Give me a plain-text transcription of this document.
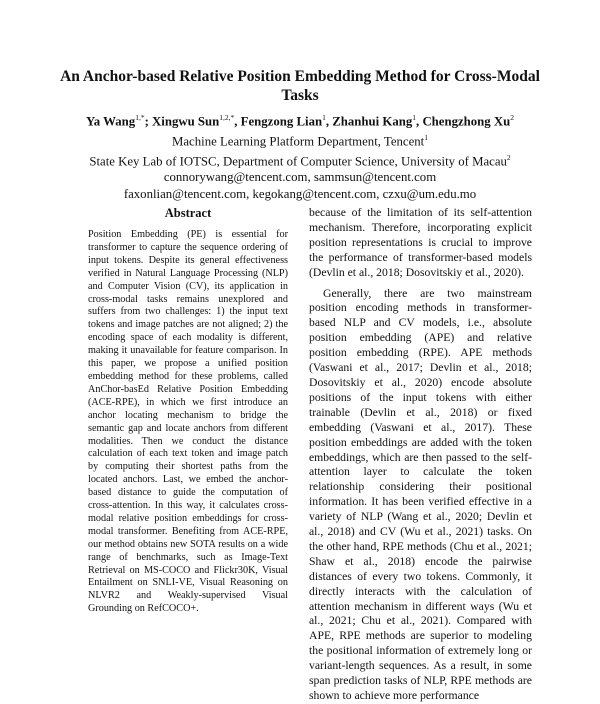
An Anchor-based Relative Position Embedding Method for Cross-Modal Tasks
Ya Wang$^{1,*}$; Xingwu Sun$^{1,2,*}$, Fengzong Lian$^1$, Zhanhui Kang$^1$, Chengzhong Xu$^2$
Machine Learning Platform Department, Tencent$^1$
State Key Lab of IOTSC, Department of Computer Science, University of Macau$^2$
connorywang@tencent.com, sammsun@tencent.com
faxonlian@tencent.com, kegokang@tencent.com, czxu@um.edu.mo
Abstract
Position Embedding (PE) is essential for transformer to capture the sequence ordering of input tokens. Despite its general effectiveness verified in Natural Language Processing (NLP) and Computer Vision (CV), its application in cross-modal tasks remains unexplored and suffers from two challenges: 1) the input text tokens and image patches are not aligned; 2) the encoding space of each modality is different, making it unavailable for feature comparison. In this paper, we propose a unified position embedding method for these problems, called AnChor-basEd Relative Position Embedding (ACE-RPE), in which we first introduce an anchor locating mechanism to bridge the semantic gap and locate anchors from different modalities. Then we conduct the distance calculation of each text token and image patch by computing their shortest paths from the located anchors. Last, we embed the anchor-based distance to guide the computation of cross-attention. In this way, it calculates cross-modal relative position embeddings for cross-modal transformer. Benefiting from ACE-RPE, our method obtains new SOTA results on a wide range of benchmarks, such as Image-Text Retrieval on MS-COCO and Flickr30K, Visual Entailment on SNLI-VE, Visual Reasoning on NLVR2 and Weakly-supervised Visual Grounding on RefCOCO+.

because of the limitation of its self-attention mechanism. Therefore, incorporating explicit position representations is crucial to improve the performance of transformer-based models (Devlin et al., 2018; Dosovitskiy et al., 2020).

Generally, there are two mainstream position encoding methods in transformer-based NLP and CV models, i.e., absolute position embedding (APE) and relative position embedding (RPE). APE methods (Vaswani et al., 2017; Devlin et al., 2018; Dosovitskiy et al., 2020) encode absolute positions of the input tokens with either trainable (Devlin et al., 2018) or fixed embedding (Vaswani et al., 2017). These position embeddings are added with the token embeddings, which are then passed to the self-attention layer to calculate the token relationship considering their positional information. It has been verified effective in a variety of NLP (Wang et al., 2020; Devlin et al., 2018) and CV (Wu et al., 2021) tasks. On the other hand, RPE methods (Chu et al., 2021; Shaw et al., 2018) encode the pairwise distances of every two tokens. Commonly, it directly interacts with the calculation of attention mechanism in different ways (Wu et al., 2021; Chu et al., 2021). Compared with APE, RPE methods are superior to modeling the positional information of extremely long or variant-length sequences. As a result, in some span prediction tasks of NLP, RPE methods are shown to achieve more performance
